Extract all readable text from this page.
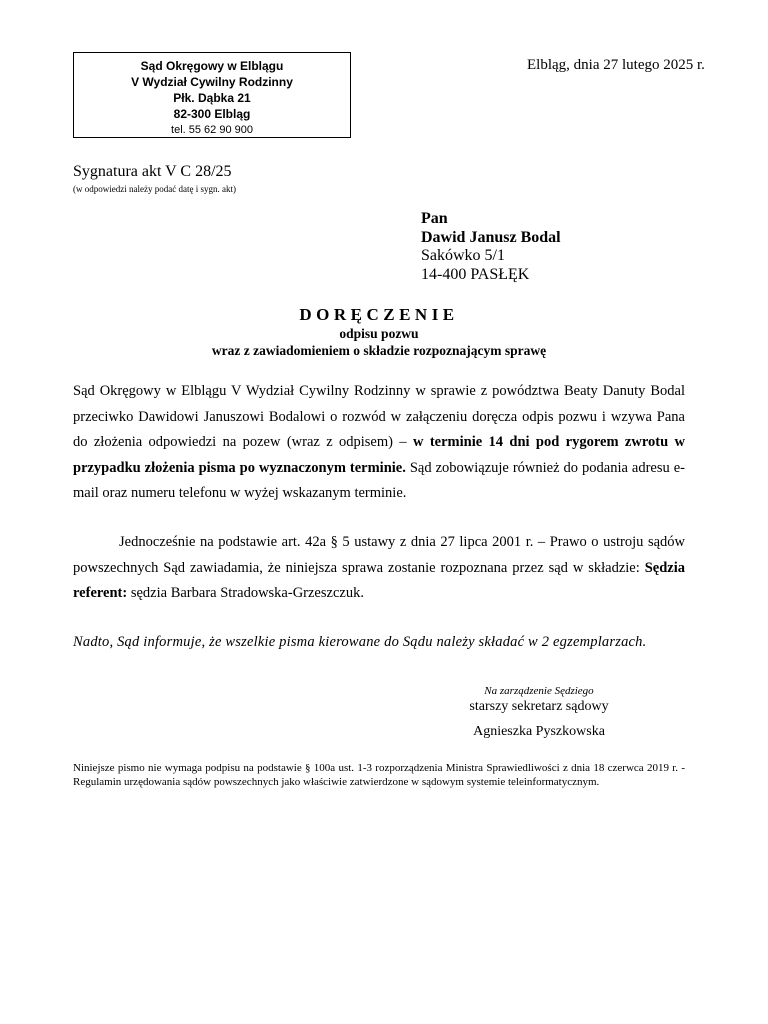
Sąd Okręgowy w Elblągu
V Wydział Cywilny Rodzinny
Płk. Dąbka 21
82-300 Elbląg
tel. 55 62 90 900
Elbląg, dnia 27 lutego 2025 r.
Sygnatura akt V C 28/25
(w odpowiedzi należy podać datę i sygn. akt)
Pan
Dawid Janusz Bodal
Sakówko 5/1
14-400 PASŁĘK
DORĘCZENIE
odpisu pozwu
wraz z zawiadomieniem o składzie rozpoznającym sprawę
Sąd Okręgowy w Elblągu V Wydział Cywilny Rodzinny w sprawie z powództwa Beaty Danuty Bodal przeciwko Dawidowi Januszowi Bodalowi o rozwód w załączeniu doręcza odpis pozwu i wzywa Pana do złożenia odpowiedzi na pozew (wraz z odpisem) – w terminie 14 dni pod rygorem zwrotu w przypadku złożenia pisma po wyznaczonym terminie. Sąd zobowiązuje również do podania adresu e-mail oraz numeru telefonu w wyżej wskazanym terminie.
Jednocześnie na podstawie art. 42a § 5 ustawy z dnia 27 lipca 2001 r. – Prawo o ustroju sądów powszechnych Sąd zawiadamia, że niniejsza sprawa zostanie rozpoznana przez sąd w składzie: Sędzia referent: sędzia Barbara Stradowska-Grzeszczuk.
Nadto, Sąd informuje, że wszelkie pisma kierowane do Sądu należy składać w 2 egzemplarzach.
Na zarządzenie Sędziego
starszy sekretarz sądowy
Agnieszka Pyszkowska
Niniejsze pismo nie wymaga podpisu na podstawie § 100a ust. 1-3 rozporządzenia Ministra Sprawiedliwości z dnia 18 czerwca 2019 r. - Regulamin urzędowania sądów powszechnych jako właściwie zatwierdzone w sądowym systemie teleinformatycznym.
